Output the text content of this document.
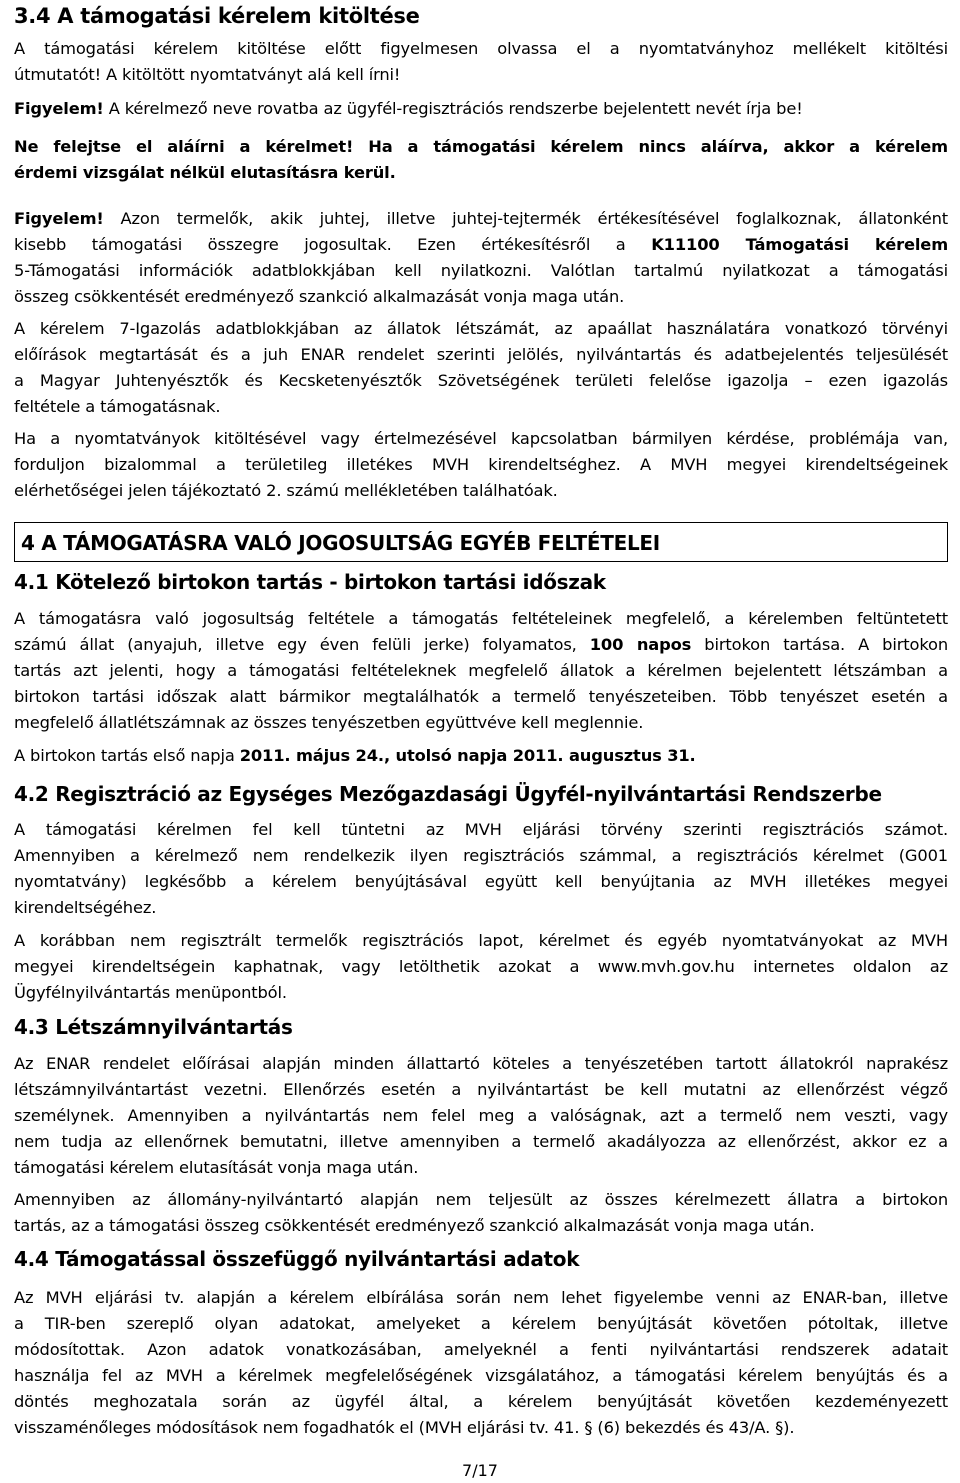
3.4 A támogatási kérelem kitöltése
A támogatási kérelem kitöltése előtt figyelmesen olvassa el a nyomtatványhoz mellékelt kitöltési
útmutatót! A kitöltött nyomtatványt alá kell írni!
Figyelem! A kérelmező neve rovatba az ügyfél-regisztrációs rendszerbe bejelentett nevét írja be!
Ne felejtse el aláírni a kérelmet! Ha a támogatási kérelem nincs aláírva, akkor a kérelem
érdemi vizsgálat nélkül elutasításra kerül.
Figyelem! Azon termelők, akik juhtej, illetve juhtej-tejtermék értékesítésével foglalkoznak, állatonként
kisebb támogatási összegre jogosultak. Ezen értékesítésről a K11100 Támogatási kérelem
5-Támogatási információk adatblokkjában kell nyilatkozni. Valótlan tartalmú nyilatkozat a támogatási
összeg csökkentését eredményező szankció alkalmazását vonja maga után.
A kérelem 7-Igazolás adatblokkjában az állatok létszámát, az apaállat használatára vonatkozó törvényi
előírások megtartását és a juh ENAR rendelet szerinti jelölés, nyilvántartás és adatbejelentés teljesülését
a Magyar Juhtenyésztők és Kecsketenyésztők Szövetségének területi felelőse igazolja – ezen igazolás
feltétele a támogatásnak.
Ha a nyomtatványok kitöltésével vagy értelmezésével kapcsolatban bármilyen kérdése, problémája van,
forduljon bizalommal a területileg illetékes MVH kirendeltséghez. A MVH megyei kirendeltségeinek
elérhetőségei jelen tájékoztató 2. számú mellékletében találhatóak.
4 A TÁMOGATÁSRA VALÓ JOGOSULTSÁG EGYÉB FELTÉTELEI
4.1 Kötelező birtokon tartás - birtokon tartási időszak
A támogatásra való jogosultság feltétele a támogatás feltételeinek megfelelő, a kérelemben feltüntetett
számú állat (anyajuh, illetve egy éven felüli jerke) folyamatos, 100 napos birtokon tartása. A birtokon
tartás azt jelenti, hogy a támogatási feltételeknek megfelelő állatok a kérelmen bejelentett létszámban a
birtokon tartási időszak alatt bármikor megtalálhatók a termelő tenyészeteiben. Több tenyészet esetén a
megfelelő állatlétszámnak az összes tenyészetben együttvéve kell meglennie.
A birtokon tartás első napja 2011. május 24., utolsó napja 2011. augusztus 31.
4.2 Regisztráció az Egységes Mezőgazdasági Ügyfél-nyilvántartási Rendszerbe
A támogatási kérelmen fel kell tüntetni az MVH eljárási törvény szerinti regisztrációs számot.
Amennyiben a kérelmező nem rendelkezik ilyen regisztrációs számmal, a regisztrációs kérelmet (G001
nyomtatvány) legkésőbb a kérelem benyújtásával együtt kell benyújtania az MVH illetékes megyei
kirendeltségéhez.
A korábban nem regisztrált termelők regisztrációs lapot, kérelmet és egyéb nyomtatványokat az MVH
megyei kirendeltségein kaphatnak, vagy letölthetik azokat a www.mvh.gov.hu internetes oldalon az
Ügyfélnyilvántartás menüpontból.
4.3 Létszámnyilvántartás
Az ENAR rendelet előírásai alapján minden állattartó köteles a tenyészetében tartott állatokról naprakész
létszámnyilvántartást vezetni. Ellenőrzés esetén a nyilvántartást be kell mutatni az ellenőrzést végző
személynek. Amennyiben a nyilvántartás nem felel meg a valóságnak, azt a termelő nem veszti, vagy
nem tudja az ellenőrnek bemutatni, illetve amennyiben a termelő akadályozza az ellenőrzést, akkor ez a
támogatási kérelem elutasítását vonja maga után.
Amennyiben az állomány-nyilvántartó alapján nem teljesült az összes kérelmezett állatra a birtokon
tartás, az a támogatási összeg csökkentését eredményező szankció alkalmazását vonja maga után.
4.4 Támogatással összefüggő nyilvántartási adatok
Az MVH eljárási tv. alapján a kérelem elbírálása során nem lehet figyelembe venni az ENAR-ban, illetve
a TIR-ben szereplő olyan adatokat, amelyeket a kérelem benyújtását követően pótoltak, illetve
módosítottak. Azon adatok vonatkozásában, amelyeknél a fenti nyilvántartási rendszerek adatait
használja fel az MVH a kérelmek megfelelőségének vizsgálatához, a támogatási kérelem benyújtás és a
döntés meghozatala során az ügyfél által, a kérelem benyújtását követően kezdeményezett
visszaménőleges módosítások nem fogadhatók el (MVH eljárási tv. 41. § (6) bekezdés és 43/A. §).
7/17
